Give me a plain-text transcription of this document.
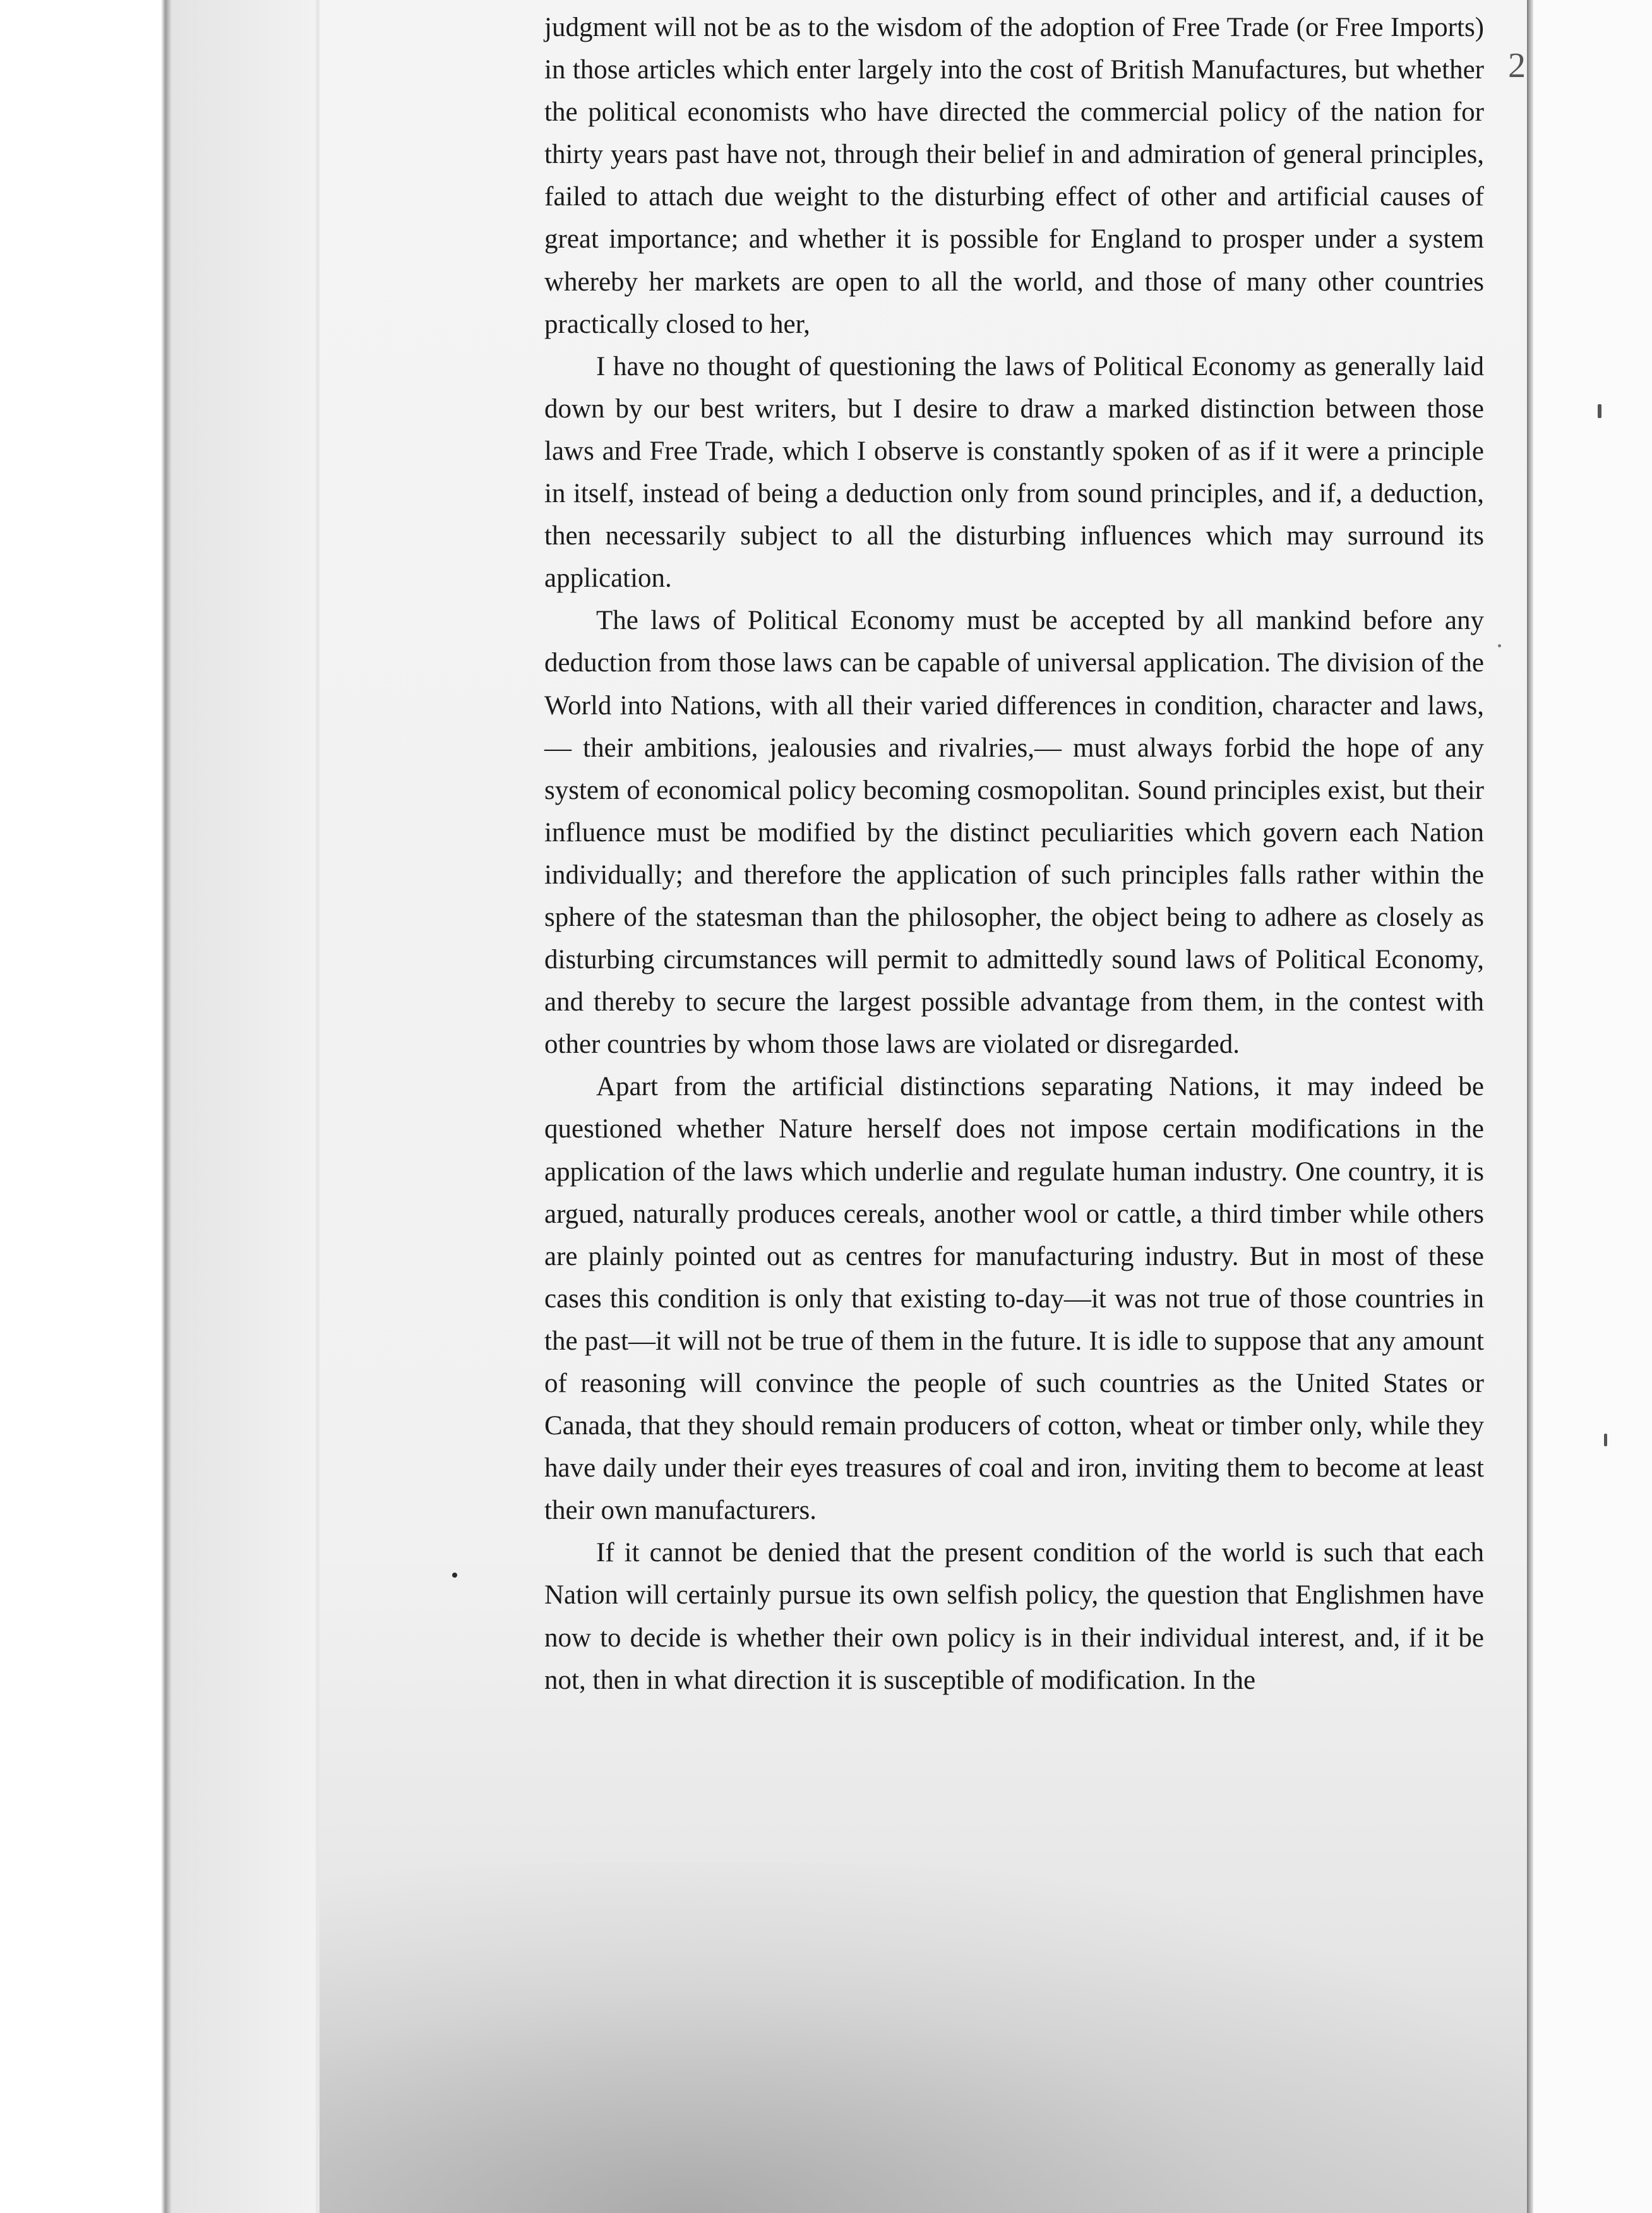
2

judgment will not be as to the wisdom of the adoption of Free Trade (or Free Imports) in those articles which enter largely into the cost of British Manufactures, but whether the political economists who have directed the commercial policy of the nation for thirty years past have not, through their belief in and admiration of general principles, failed to attach due weight to the disturbing effect of other and artificial causes of great importance; and whether it is possible for England to prosper under a system whereby her markets are open to all the world, and those of many other countries practically closed to her,

I have no thought of questioning the laws of Political Economy as generally laid down by our best writers, but I desire to draw a marked distinction between those laws and Free Trade, which I observe is constantly spoken of as if it were a principle in itself, instead of being a deduction only from sound principles, and if, a deduction, then necessarily subject to all the disturbing influences which may surround its application.

The laws of Political Economy must be accepted by all mankind before any deduction from those laws can be capable of universal application. The division of the World into Nations, with all their varied differences in condition, character and laws,— their ambitions, jealousies and rivalries,— must always forbid the hope of any system of economical policy becoming cosmopolitan. Sound principles exist, but their influence must be modified by the distinct peculiarities which govern each Nation individually; and therefore the application of such principles falls rather within the sphere of the statesman than the philosopher, the object being to adhere as closely as disturbing circumstances will permit to admittedly sound laws of Political Economy, and thereby to secure the largest possible advantage from them, in the contest with other countries by whom those laws are violated or disregarded.

Apart from the artificial distinctions separating Nations, it may indeed be questioned whether Nature herself does not impose certain modifications in the application of the laws which underlie and regulate human industry. One country, it is argued, naturally produces cereals, another wool or cattle, a third timber while others are plainly pointed out as centres for manufacturing industry. But in most of these cases this condition is only that existing to-day—it was not true of those countries in the past—it will not be true of them in the future. It is idle to suppose that any amount of reasoning will convince the people of such countries as the United States or Canada, that they should remain producers of cotton, wheat or timber only, while they have daily under their eyes treasures of coal and iron, inviting them to become at least their own manufacturers.

If it cannot be denied that the present condition of the world is such that each Nation will certainly pursue its own selfish policy, the question that Englishmen have now to decide is whether their own policy is in their individual interest, and, if it be not, then in what direction it is susceptible of modification. In the
